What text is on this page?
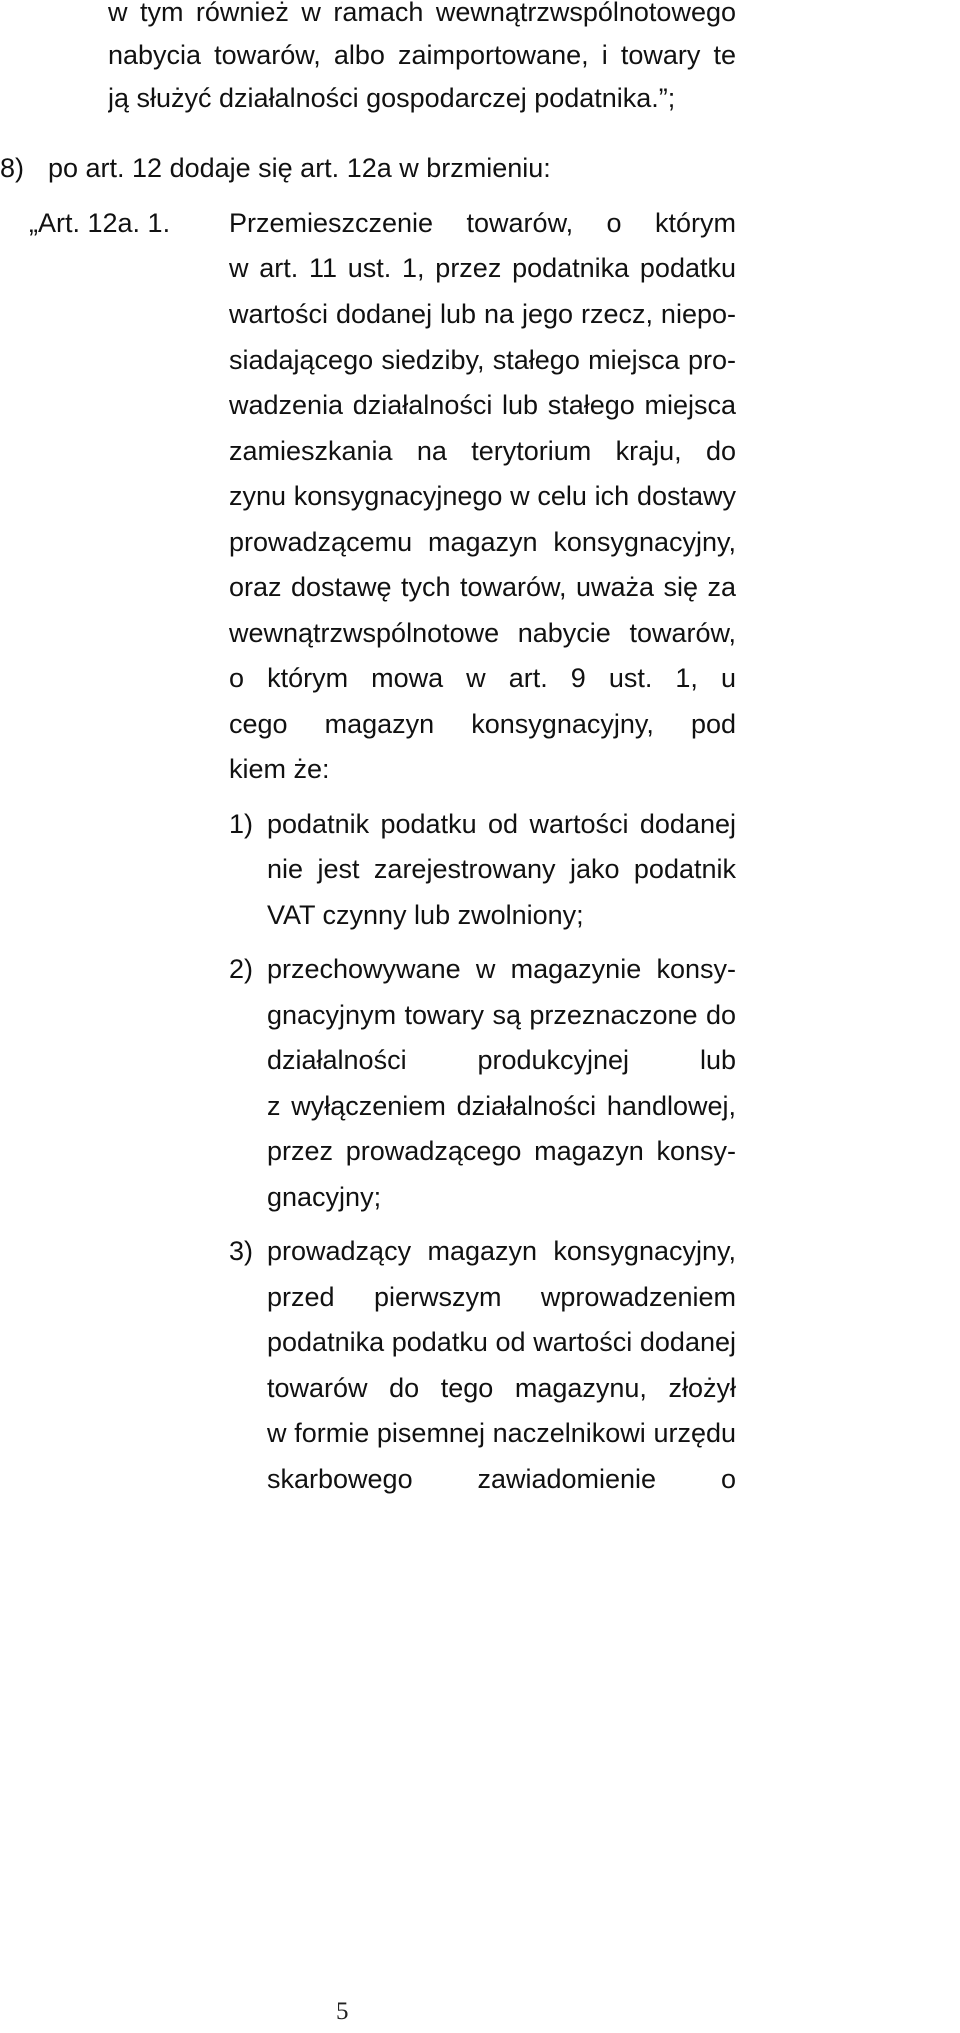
w tym również w ramach wewnątrzwspólnotowego
nabycia towarów, albo zaimportowane, i towary te
ją służyć działalności gospodarczej podatnika.”;
8) po art. 12 dodaje się art. 12a w brzmieniu:
„Art. 12a. 1. Przemieszczenie towarów, o którym
w art. 11 ust. 1, przez podatnika podatku
wartości dodanej lub na jego rzecz, niepo-
siadającego siedziby, stałego miejsca pro-
wadzenia działalności lub stałego miejsca
zamieszkania na terytorium kraju, do
zynu konsygnacyjnego w celu ich dostawy
prowadzącemu magazyn konsygnacyjny,
oraz dostawę tych towarów, uważa się za
wewnątrzwspólnotowe nabycie towarów,
o którym mowa w art. 9 ust. 1, u
cego magazyn konsygnacyjny, pod
kiem że:
1) podatnik podatku od wartości dodanej
nie jest zarejestrowany jako podatnik
VAT czynny lub zwolniony;
2) przechowywane w magazynie konsy-
gnacyjnym towary są przeznaczone do
działalności produkcyjnej lub
z wyłączeniem działalności handlowej,
przez prowadzącego magazyn konsy-
gnacyjny;
3) prowadzący magazyn konsygnacyjny,
przed pierwszym wprowadzeniem
podatnika podatku od wartości dodanej
towarów do tego magazynu, złożył
w formie pisemnej naczelnikowi urzędu
skarbowego zawiadomienie o
5
